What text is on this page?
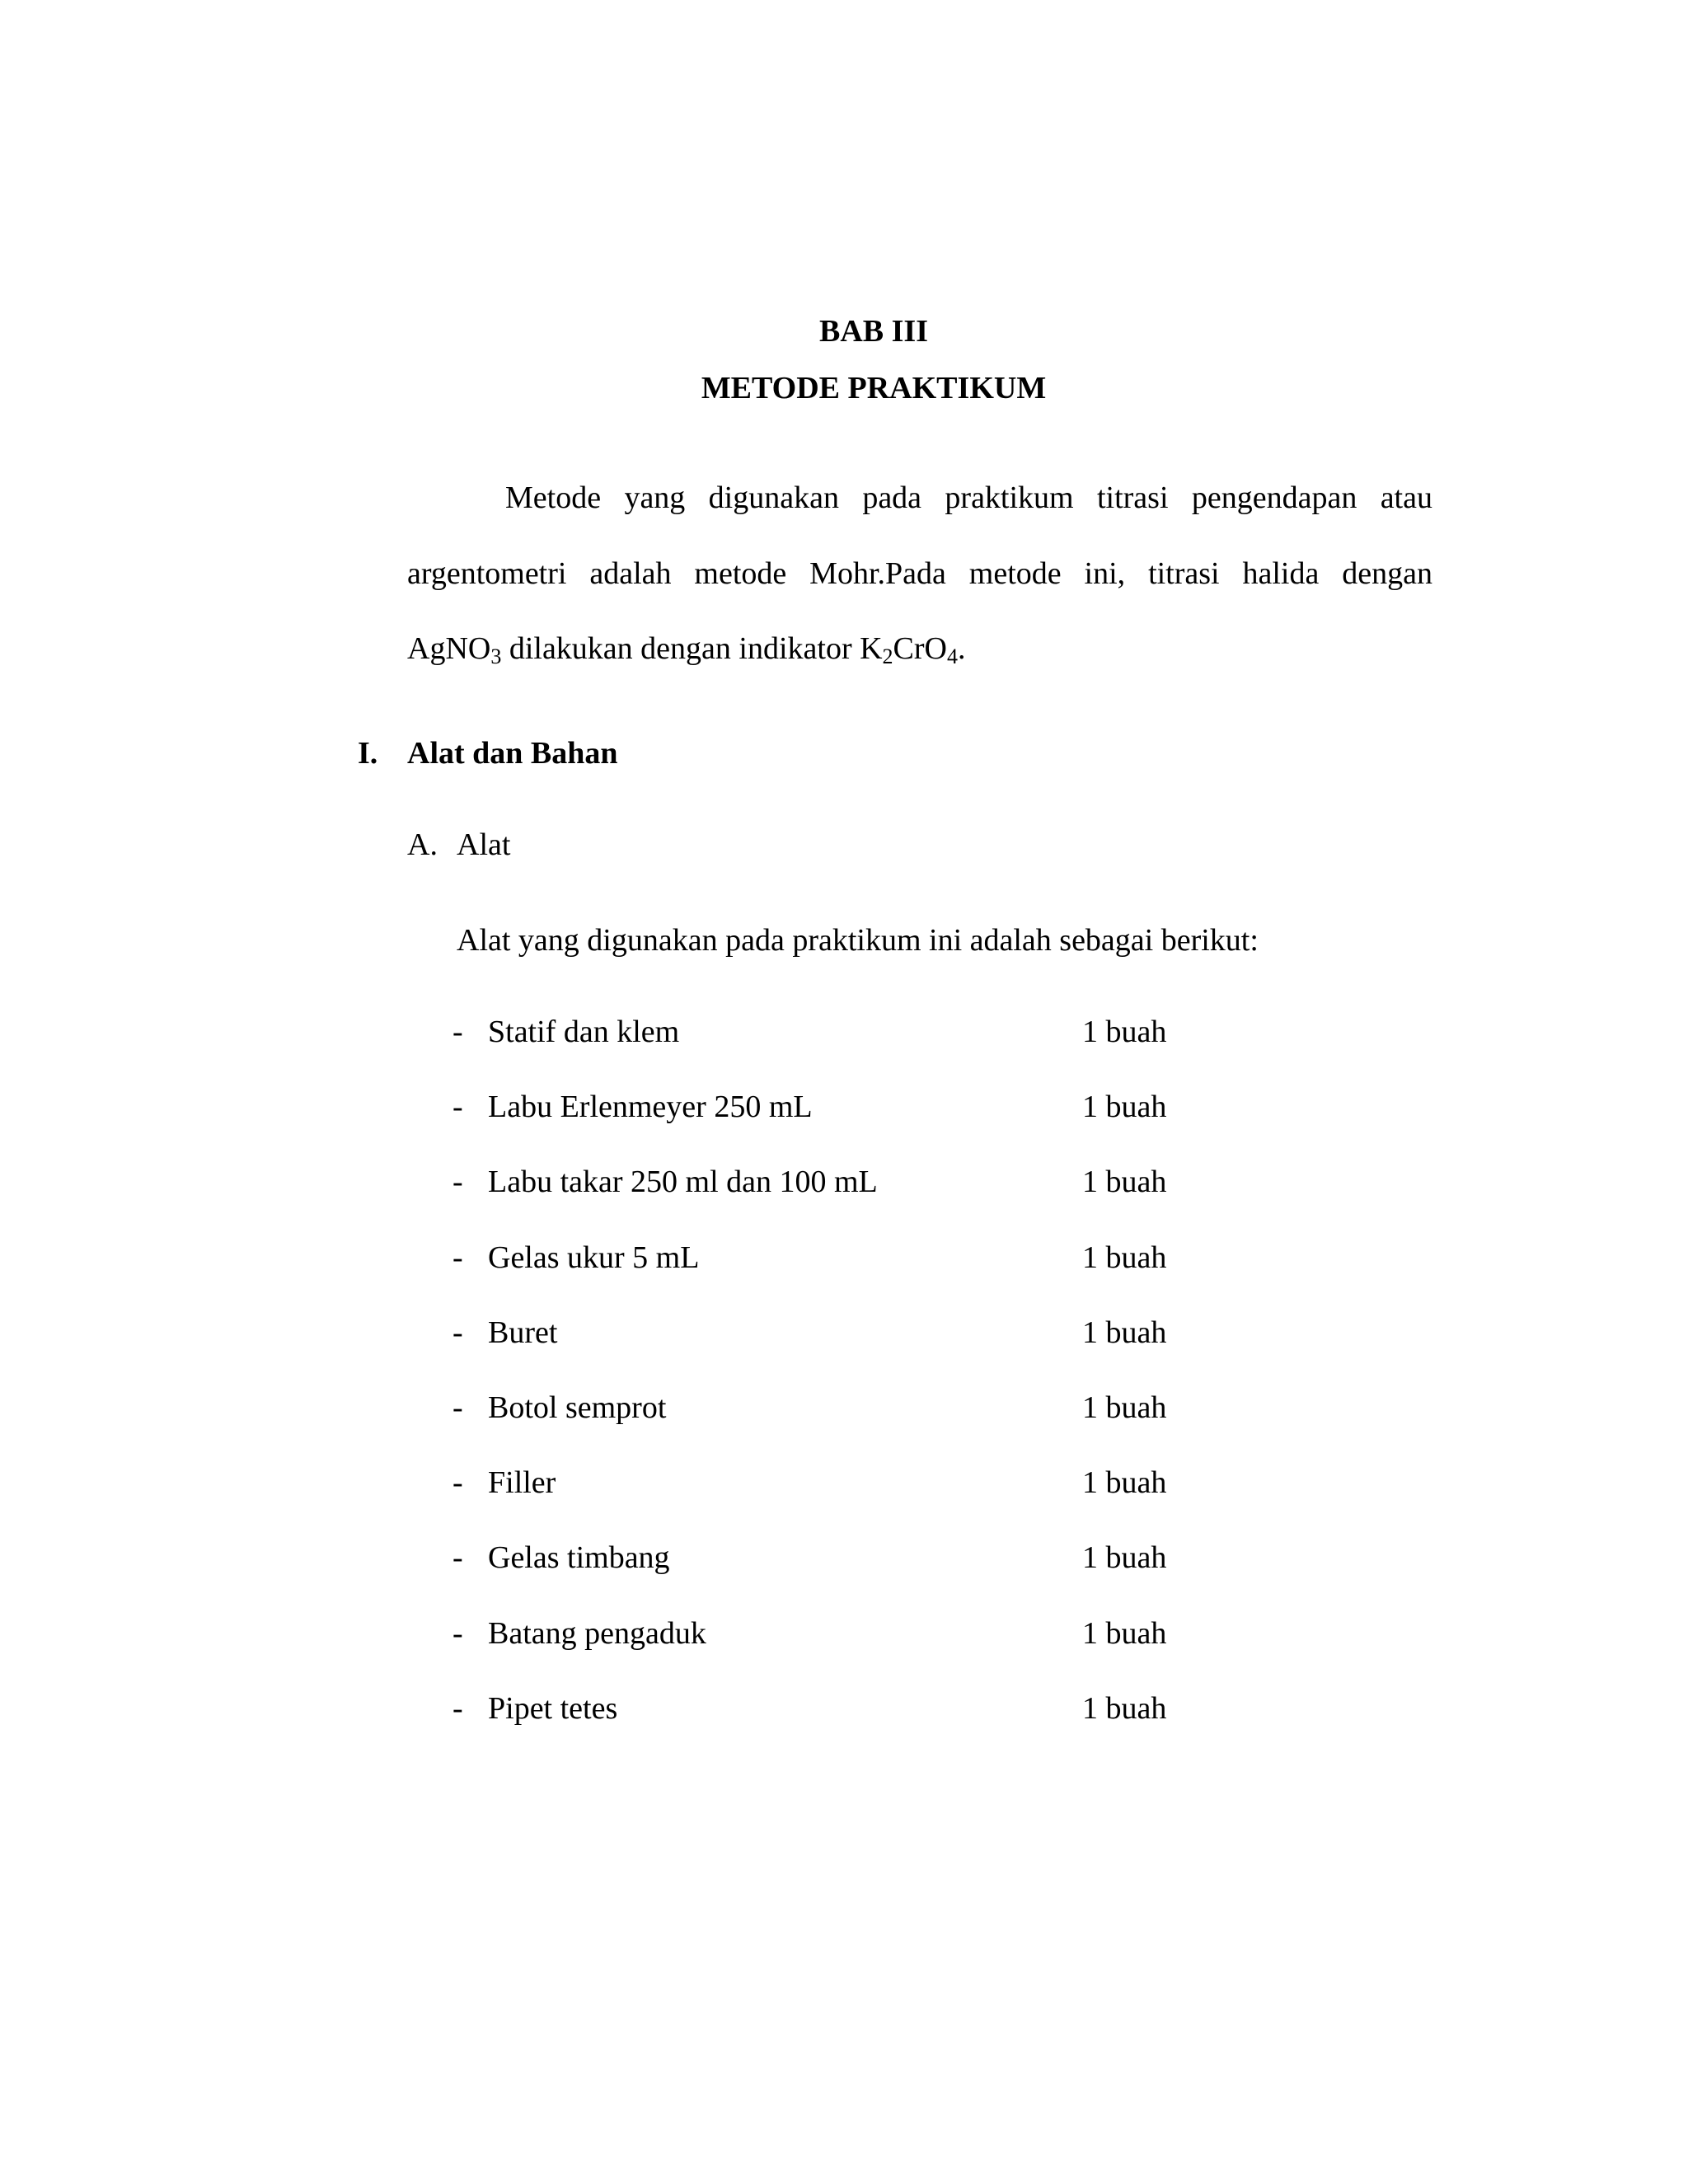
BAB III
METODE PRAKTIKUM
Metode yang digunakan pada praktikum titrasi pengendapan atau
argentometri adalah metode Mohr.Pada metode ini, titrasi halida dengan
AgNO$_3$ dilakukan dengan indikator $K_2CrO_4$.
I. Alat dan Bahan
A. Alat
Alat yang digunakan pada praktikum ini adalah sebagai berikut:
- Statif dan klem	1 buah
- Labu Erlenmeyer 250 mL	1 buah
- Labu takar 250 ml dan 100 mL	1 buah
- Gelas ukur 5 mL	1 buah
- Buret	1 buah
- Botol semprot	1 buah
- Filler	1 buah
- Gelas timbang	1 buah
- Batang pengaduk	1 buah
- Pipet tetes	1 buah
